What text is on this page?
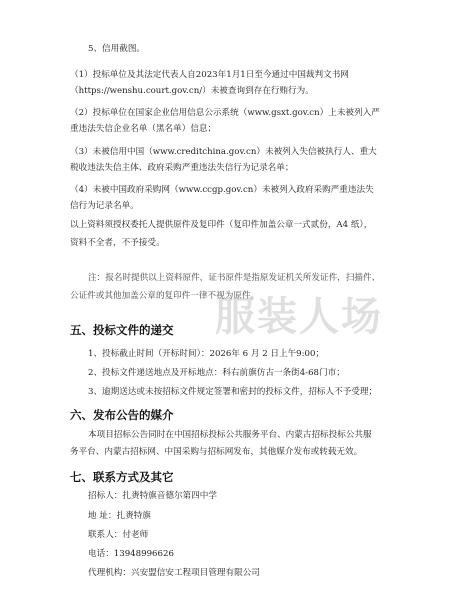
5、信用截图。
（1）投标单位及其法定代表人自2023年1月1日至今通过中国裁判文书网
（https://wenshu.court.gov.cn/）未被查询到存在行贿行为。
（2）投标单位在国家企业信用信息公示系统（www.gsxt.gov.cn）上未被列入严
重违法失信企业名单（黑名单）信息；
（3）未被信用中国（www.creditchina.gov.cn）未被列入失信被执行人、重大
税收违法失信主体、政府采购严重违法失信行为记录名单；
（4）未被中国政府采购网（www.ccgp.gov.cn）未被列入政府采购严重违法失
信行为记录名单。
以上资料须授权委托人提供原件及复印件（复印件加盖公章一式贰份，A4 纸），
资料不全者，不予接受。
注：报名时提供以上资料原件，证书原件是指原发证机关所发证件，扫描件、
公证件或其他加盖公章的复印件一律不视为原件。
服装人场
五、投标文件的递交
1、投标截止时间（开标时间）：2026年 6 月 2 日上午9:00；
2、投标文件递送地点及开标地点：科右前旗仿古一条街4-68门市；
3、逾期送达或未按招标文件规定签署和密封的投标文件，招标人不予受理；
六、发布公告的媒介
本项目招标公告同时在中国招标投标公共服务平台、内蒙古招标投标公共服
务平台、内蒙古招标网、中国采购与招标网发布，其他媒介发布或转载无效。
七、联系方式及其它
招标人：扎赉特旗音德尔第四中学
地 址：扎赉特旗
联系人：付老师
电话：13948996626
代理机构：兴安盟信安工程项目管理有限公司
